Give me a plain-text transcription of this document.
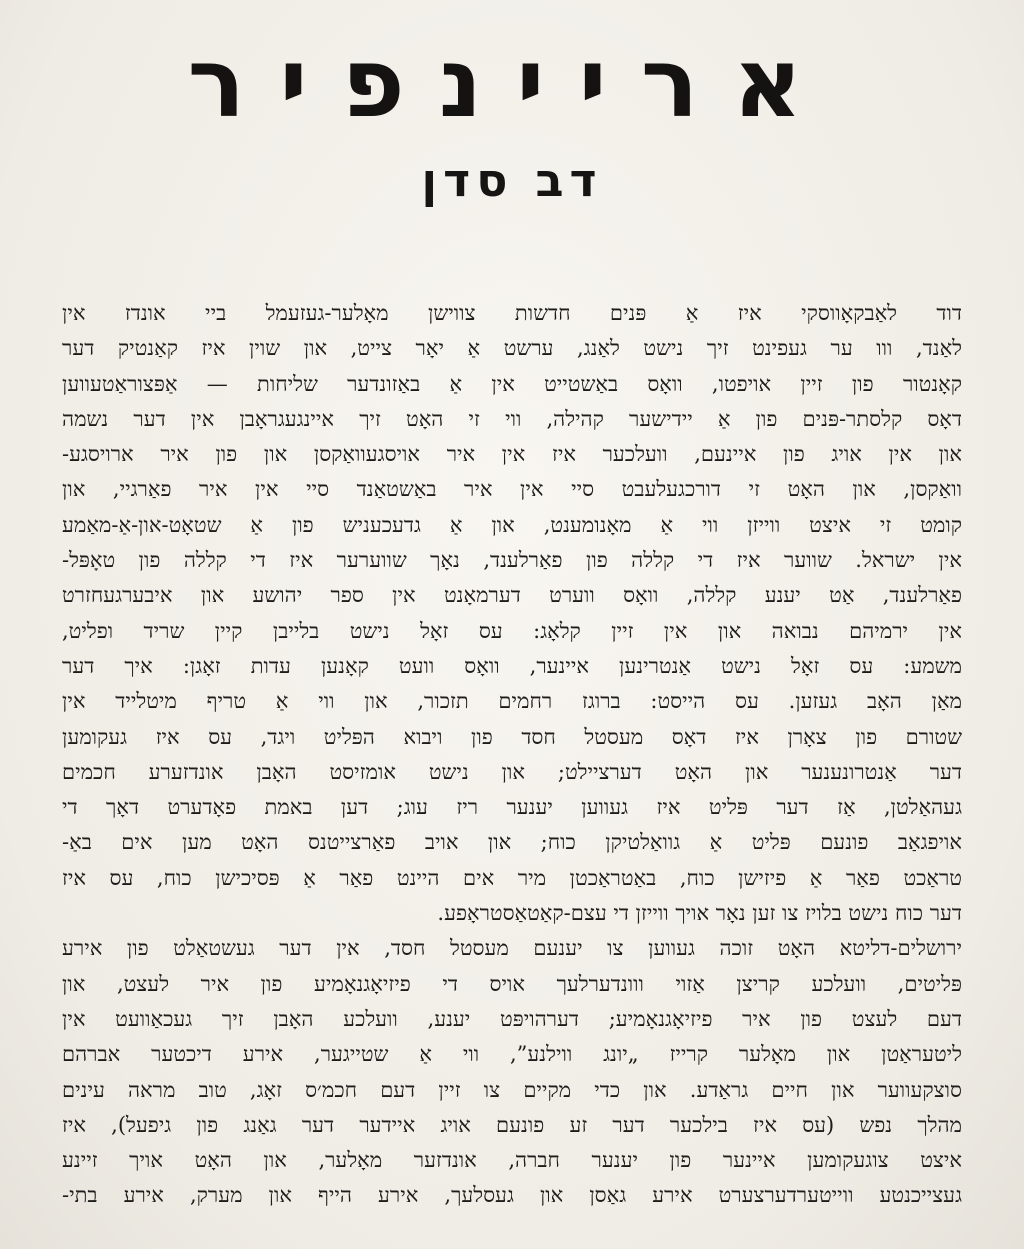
אריינפיר
דב סדן
דוד לאַבקאָווסקי איז אַ פּנים חדשות צווישן מאָלער-געזעמל ביי אונדז אין
לאַנד, ווו ער געפינט זיך נישט לאַנג, ערשט אַ יאָר צייט, און שוין איז קאַנטיק דער
קאָנטור פון זיין אויפטו, וואָס באַשטייט אין אַ באַזונדער שליחות — אַפּצוראַטעווען
דאָס קלסתר-פּנים פון אַ יידישער קהילה, ווי זי האָט זיך איינגעגראָבן אין דער נשמה
און אין אויג פון איינעם, וועלכער איז אין איר אויסגעוואַקסן און פון איר ארויסגע-
וואַקסן, און האָט זי דורכגעלעבט סיי אין איר באַשטאַנד סיי אין איר פאַרגיי, און
קומט זי איצט ווייזן ווי אַ מאָנומענט, און אַ גדעכעניש פון אַ שטאָט-און-אַ-מאַמע
אין ישראל. שווער איז די קללה פון פאַרלענד, נאָך שווערער איז די קללה פון טאָפּל-
פאַרלענד, אַט יענע קללה, וואָס ווערט דערמאָנט אין ספר יהושע און איבערגעחזרט
אין ירמיהם נבואה און אין זיין קלאָג: עס זאָל נישט בלייבן קיין שריד ופליט,
משמע: עס זאָל נישט אַנטרינען איינער, וואָס וועט קאָנען עדות זאָגן: איך דער
מאַן האָב געזען. עס הייסט: ברוגז רחמים תזכור, און ווי אַ טריף מיטלייד אין
שטורם פון צאָרן איז דאָס מעסטל חסד פון ויבוא הפּליט ויגד, עס איז געקומען
דער אַנטרונענער און האָט דערציילט; און נישט אומזיסט האָבן אונדזערע חכמים
געהאַלטן, אַז דער פּליט איז געווען יענער ריז עוג; דען באמת פאָדערט דאָך די
אויפגאַב פונעם פּליט אַ גוואַלטיקן כוח; און אויב פאַרצייטנס האָט מען אים באַ-
טראַכט פאַר אַ פיזישן כוח, באַטראַכטן מיר אים היינט פאַר אַ פּסיכישן כוח, עס איז
דער כוח נישט בלויז צו זען נאָר אויך ווייזן די עצם-קאַטאַסטראָפע.
ירושלים-דליטא האָט זוכה געווען צו יענעם מעסטל חסד, אין דער געשטאַלט פון אירע
פּליטים, וועלכע קריצן אַזוי ווונדערלעך אויס די פיזיאָגנאָמיע פון איר לעצט, און
דעם לעצט פון איר פיזיאָגנאָמיע; דערהויפּט יענע, וועלכע האָבן זיך געכאַוועט אין
ליטעראַטן און מאָלער קרייז „יונג ווילנע”, ווי אַ שטייגער, אירע דיכטער אברהם
סוצקעווער און חיים גראַדע. און כדי מקיים צו זיין דעם חכמ׳ס זאָג, טוב מראה עינים
מהלך נפש (עס איז בילכער דער זע פונעם אויג איידער דער גאַנג פון גיפעל), איז
איצט צוגעקומען איינער פון יענער חברה, אונדזער מאָלער, און האָט אויך זיינע
געצייכנטע ווייטערדערצערט אירע גאַסן און געסלעך, אירע הייף און מערק, אירע בתי-
